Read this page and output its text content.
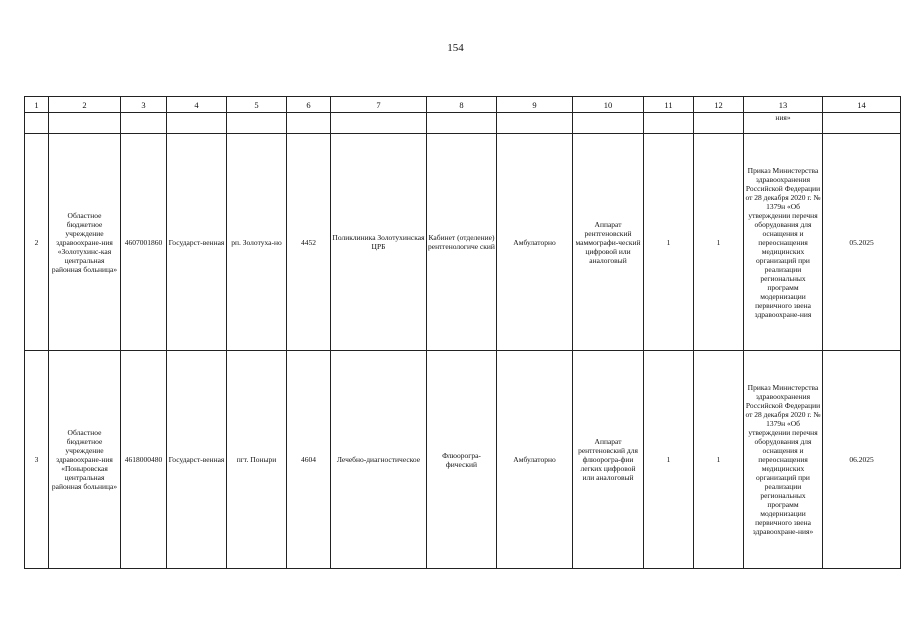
154
1	2	3	4	5	6	7	8	9	10	11	12	13	14
												ния»	
2	Областное бюджетное учреждение здравоохране-ния «Золотухинс-кая центральная районная больница»	4607001860	Государст-венная	рп. Золотуха-но	4452	Поликлиника Золотухинская ЦРБ	Кабинет (отделение) рентгенологиче ский	Амбулаторно	Аппарат рентгеновский маммографи-ческий цифровой или аналоговый	1	1	Приказ Министерства здравоохранения Российской Федерации от 28 декабря 2020 г. № 1379н «Об утверждении перечня оборудования для оснащения и переоснащения медицинских организаций при реализации региональных программ модернизации первичного звена здравоохране-ния	05.2025
3	Областное бюджетное учреждение здравоохране-ния «Поныровская центральная районная больница»	4618000480	Государст-венная	пгт. Поныри	4604	Лечебно-диагностическое	Флюорогра-фический	Амбулаторно	Аппарат рентгеновский для флюорогра-фии легких цифровой или аналоговый	1	1	Приказ Министерства здравоохранения Российской Федерации от 28 декабря 2020 г. № 1379н «Об утверждении перечня оборудования для оснащения и переоснащения медицинских организаций при реализации региональных программ модернизации первичного звена здравоохране-ния»	06.2025
